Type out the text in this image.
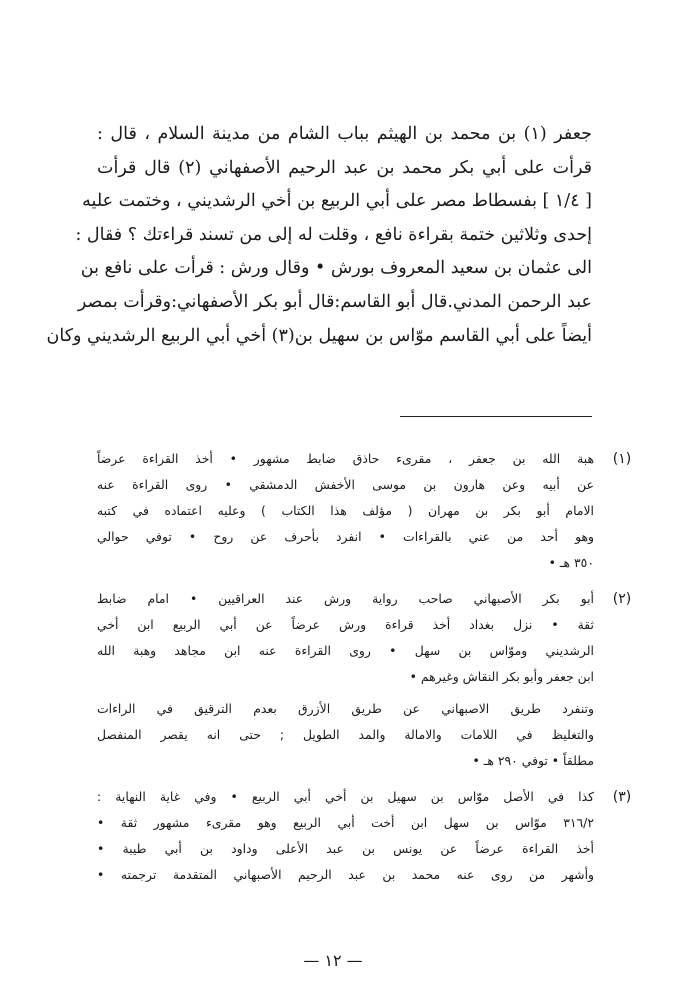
جعفر (١) بن محمد بن الهيثم بباب الشام من مدينة السلام ، قال :
قرأت على أبي بكر محمد بن عبد الرحيم الأصفهاني (٢) قال قرأت
[ ١/٤ ] بفسطاط مصر على أبي الربيع بن أخي الرشديني ، وختمت عليه
إحدى وثلاثين ختمة بقراءة نافع ، وقلت له إلى من تسند قراءتك ؟ فقال :
الى عثمان بن سعيد المعروف بورش • وقال ورش : قرأت على نافع بن
عبد الرحمن المدني.قال أبو القاسم:قال أبو بكر الأصفهاني:وقرأت بمصر
أيضاً على أبي القاسم موّاس بن سهيل بن(٣) أخي أبي الربيع الرشديني وكان
(١)
هبة الله بن جعفر ، مقرىء حاذق ضابط مشهور • أخذ القراءة عرضاً
عن أبيه وعن هارون بن موسى الأخفش الدمشقي • روى القراءة عنه
الامام أبو بكر بن مهران ( مؤلف هذا الكتاب ) وعليه اعتماده في كتبه
وهو أحد من عني بالقراءات • انفرد بأحرف عن روح • توفي حوالي
٣٥٠ هـ •
(٢)
أبو بكر الأصبهاني صاحب رواية ورش عند العراقيين • امام ضابط
ثقة • نزل بغداد أخذ قراءة ورش عرضاً عن أبي الربيع ابن أخي
الرشديني وموّاس بن سهل • روى القراءة عنه ابن مجاهد وهبة الله
ابن جعفر وأبو بكر النقاش وغيرهم •
وتنفرد طريق الاصبهاني عن طريق الأزرق بعدم الترقيق في الراءات
والتغليظ في اللامات والامالة والمد الطويل ; حتى انه يقصر المنفصل
مطلقاً • توفي ٢٩٠ هـ •
(٣)
كذا في الأصل موّاس بن سهيل بن أخي أبي الربيع • وفي غاية النهاية :
٣١٦/٢ موّاس بن سهل ابن أخت أبي الربيع وهو مقرىء مشهور ثقة •
أخذ القراءة عرضاً عن يونس بن عبد الأعلى وداود بن أبي طيبة •
وأشهر من روى عنه محمد بن عبد الرحيم الأصبهاني المتقدمة ترجمته •
— ١٢ —
